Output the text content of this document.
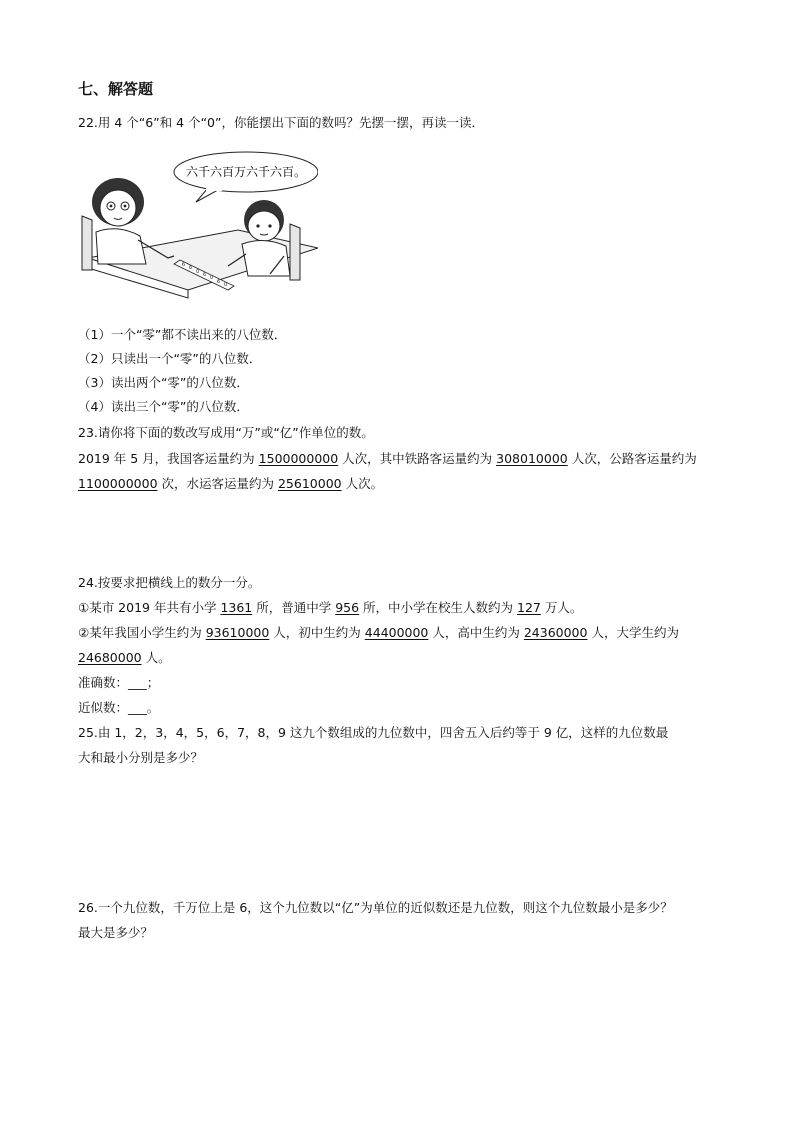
七、解答题
22.用 4 个“6”和 4 个“0”，你能摆出下面的数吗？先摆一摆，再读一读．
六千六百万六千六百。
6 6
0 6 0
6 0
（1）一个“零”都不读出来的八位数．
（2）只读出一个“零”的八位数．
（3）读出两个“零”的八位数．
（4）读出三个“零”的八位数．
23.请你将下面的数改写成用“万”或“亿”作单位的数。
2019 年 5 月，我国客运量约为 1500000000 人次，其中铁路客运量约为 308010000 人次，公路客运量约为
1100000000 次，水运客运量约为 25610000 人次。
24.按要求把横线上的数分一分。
①某市 2019 年共有小学 1361 所，普通中学 956 所，中小学在校生人数约为 127 万人。
②某年我国小学生约为 93610000 人，初中生约为 44400000 人，高中生约为 24360000 人，大学生约为
24680000 人。
准确数：___；
近似数：___。
25.由 1，2，3，4，5，6，7，8，9 这九个数组成的九位数中，四舍五入后约等于 9 亿，这样的九位数最
大和最小分别是多少？
26.一个九位数，千万位上是 6，这个九位数以“亿”为单位的近似数还是九位数，则这个九位数最小是多少？
最大是多少？
